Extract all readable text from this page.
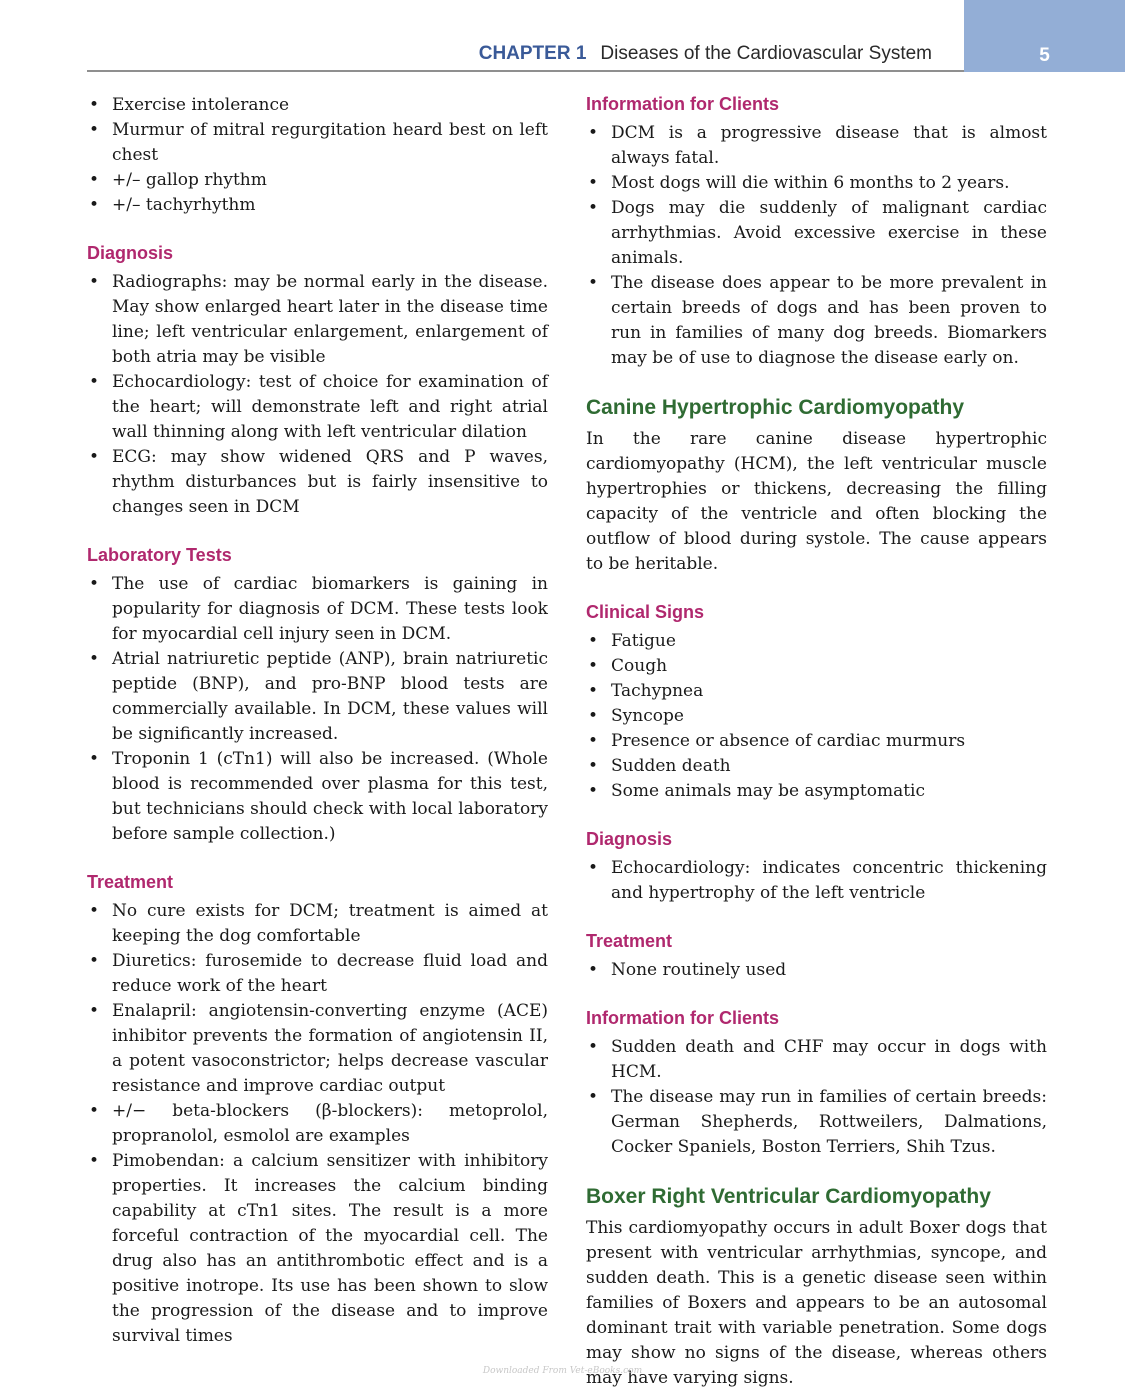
CHAPTER 1 Diseases of the Cardiovascular System	5
• Exercise intolerance
• Murmur of mitral regurgitation heard best on left chest
• +/– gallop rhythm
• +/– tachyrhythm
Diagnosis
• Radiographs: may be normal early in the disease. May show enlarged heart later in the disease time line; left ventricular enlargement, enlargement of both atria may be visible
• Echocardiology: test of choice for examination of the heart; will demonstrate left and right atrial wall thinning along with left ventricular dilation
• ECG: may show widened QRS and P waves, rhythm disturbances but is fairly insensitive to changes seen in DCM
Laboratory Tests
• The use of cardiac biomarkers is gaining in popularity for diagnosis of DCM. These tests look for myocardial cell injury seen in DCM.
• Atrial natriuretic peptide (ANP), brain natriuretic peptide (BNP), and pro-BNP blood tests are commercially available. In DCM, these values will be significantly increased.
• Troponin 1 (cTn1) will also be increased. (Whole blood is recommended over plasma for this test, but technicians should check with local laboratory before sample collection.)
Treatment
• No cure exists for DCM; treatment is aimed at keeping the dog comfortable
• Diuretics: furosemide to decrease fluid load and reduce work of the heart
• Enalapril: angiotensin-converting enzyme (ACE) inhibitor prevents the formation of angiotensin II, a potent vasoconstrictor; helps decrease vascular resistance and improve cardiac output
• +/− beta-blockers (β-blockers): metoprolol, propranolol, esmolol are examples
• Pimobendan: a calcium sensitizer with inhibitory properties. It increases the calcium binding capability at cTn1 sites. The result is a more forceful contraction of the myocardial cell. The drug also has an antithrombotic effect and is a positive inotrope. Its use has been shown to slow the progression of the disease and to improve survival times
Information for Clients
• DCM is a progressive disease that is almost always fatal.
• Most dogs will die within 6 months to 2 years.
• Dogs may die suddenly of malignant cardiac arrhythmias. Avoid excessive exercise in these animals.
• The disease does appear to be more prevalent in certain breeds of dogs and has been proven to run in families of many dog breeds. Biomarkers may be of use to diagnose the disease early on.
Canine Hypertrophic Cardiomyopathy

In the rare canine disease hypertrophic cardiomyopathy (HCM), the left ventricular muscle hypertrophies or thickens, decreasing the filling capacity of the ventricle and often blocking the outflow of blood during systole. The cause appears to be heritable.

Clinical Signs
• Fatigue
• Cough
• Tachypnea
• Syncope
• Presence or absence of cardiac murmurs
• Sudden death
• Some animals may be asymptomatic
Diagnosis
• Echocardiology: indicates concentric thickening and hypertrophy of the left ventricle
Treatment
• None routinely used
Information for Clients
• Sudden death and CHF may occur in dogs with HCM.
• The disease may run in families of certain breeds: German Shepherds, Rottweilers, Dalmations, Cocker Spaniels, Boston Terriers, Shih Tzus.
Boxer Right Ventricular Cardiomyopathy

This cardiomyopathy occurs in adult Boxer dogs that present with ventricular arrhythmias, syncope, and sudden death. This is a genetic disease seen within families of Boxers and appears to be an autosomal dominant trait with variable penetration. Some dogs may show no signs of the disease, whereas others may have varying signs.

Downloaded From Vet-eBooks.com
